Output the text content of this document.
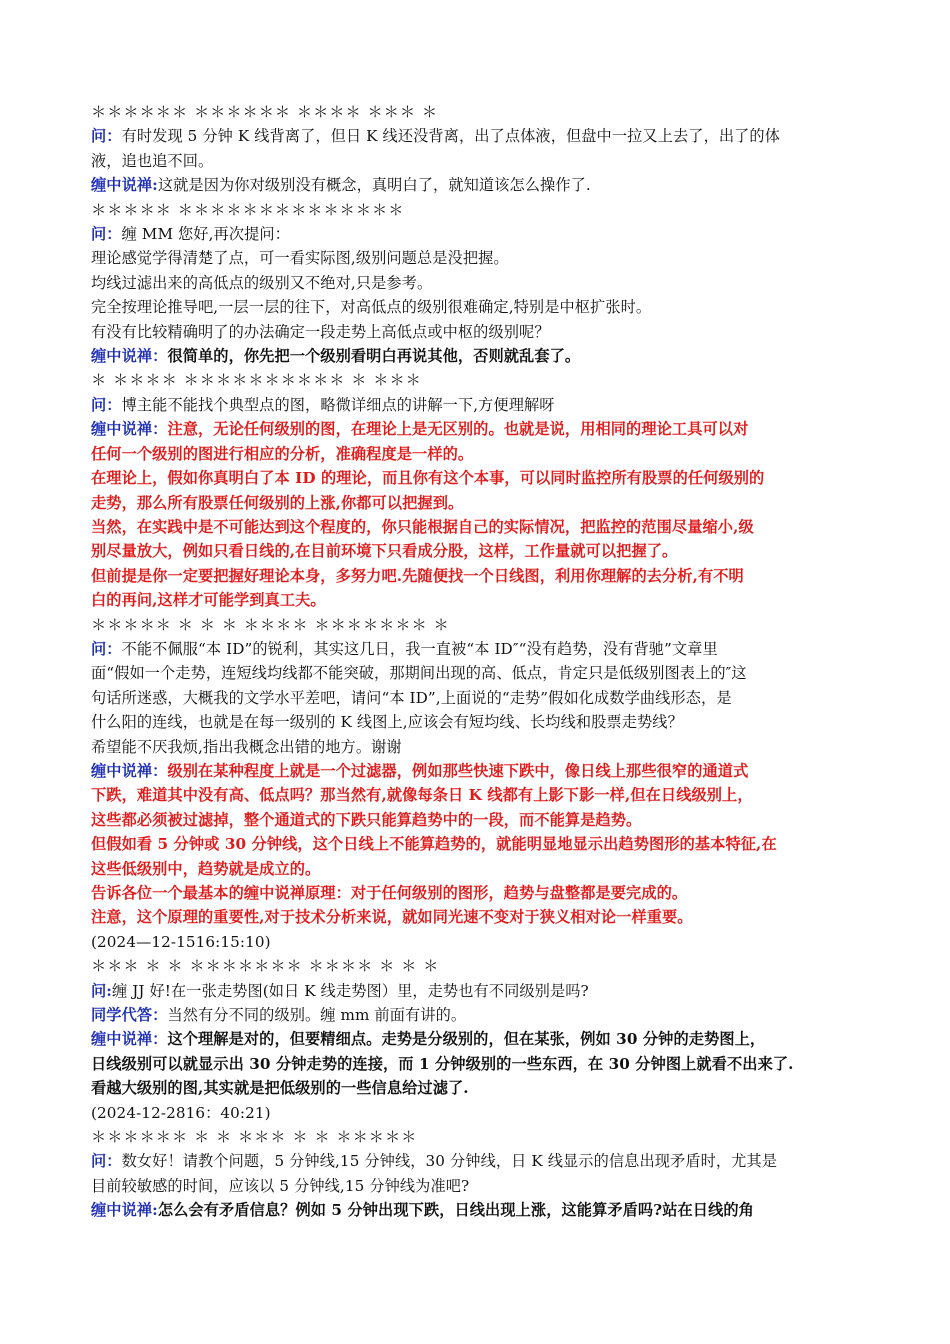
＊＊＊＊＊＊ ＊＊＊＊＊＊ ＊＊＊＊ ＊＊＊ ＊
问：有时发现 5 分钟 K 线背离了，但日 K 线还没背离，出了点体液，但盘中一拉又上去了，出了的体
液，追也追不回。
缠中说禅:这就是因为你对级别没有概念，真明白了，就知道该怎么操作了.
＊＊＊＊＊ ＊＊＊＊＊＊＊＊＊＊＊＊＊＊
问：缠 MM 您好,再次提问：
理论感觉学得清楚了点，可一看实际图,级别问题总是没把握。
均线过滤出来的高低点的级别又不绝对,只是参考。
完全按理论推导吧,一层一层的往下，对高低点的级别很难确定,特别是中枢扩张时。
有没有比较精确明了的办法确定一段走势上高低点或中枢的级别呢？
缠中说禅：很简单的，你先把一个级别看明白再说其他，否则就乱套了。
＊ ＊＊＊＊ ＊＊＊＊＊＊＊＊＊＊ ＊ ＊＊＊
问：博主能不能找个典型点的图，略微详细点的讲解一下,方便理解呀
缠中说禅：注意，无论任何级别的图，在理论上是无区别的。也就是说，用相同的理论工具可以对
任何一个级别的图进行相应的分析，准确程度是一样的。
在理论上，假如你真明白了本 ID 的理论，而且你有这个本事，可以同时监控所有股票的任何级别的
走势，那么所有股票任何级别的上涨,你都可以把握到。
当然，在实践中是不可能达到这个程度的，你只能根据自己的实际情况，把监控的范围尽量缩小,级
别尽量放大，例如只看日线的,在目前环境下只看成分股，这样，工作量就可以把握了。
但前提是你一定要把握好理论本身，多努力吧.先随便找一个日线图，利用你理解的去分析,有不明
白的再问,这样才可能学到真工夫。
＊＊＊＊＊ ＊ ＊ ＊ ＊＊＊＊ ＊＊＊＊＊＊＊ ＊
问：不能不佩服“本 ID”的锐利，其实这几日，我一直被“本 ID″“没有趋势，没有背驰”文章里
面“假如一个走势，连短线均线都不能突破，那期间出现的高、低点，肯定只是低级别图表上的″这
句话所迷惑，大概我的文学水平差吧，请问“本 ID”,上面说的“走势”假如化成数学曲线形态，是
什么阳的连线，也就是在每一级别的 K 线图上,应该会有短均线、长均线和股票走势线？
希望能不厌我烦,指出我概念出错的地方。谢谢
缠中说禅：级别在某种程度上就是一个过滤器，例如那些快速下跌中，像日线上那些很窄的通道式
下跌，难道其中没有高、低点吗？那当然有,就像每条日 K 线都有上影下影一样,但在日线级别上，
这些都必须被过滤掉，整个通道式的下跌只能算趋势中的一段，而不能算是趋势。
但假如看 5 分钟或 30 分钟线，这个日线上不能算趋势的，就能明显地显示出趋势图形的基本特征,在
这些低级别中，趋势就是成立的。
告诉各位一个最基本的缠中说禅原理：对于任何级别的图形，趋势与盘整都是要完成的。
注意，这个原理的重要性,对于技术分析来说，就如同光速不变对于狭义相对论一样重要。
(2024—12-1516:15:10)
＊＊＊ ＊ ＊ ＊＊＊＊＊＊＊ ＊＊＊＊ ＊ ＊ ＊
问:缠 JJ 好!在一张走势图(如日 K 线走势图）里，走势也有不同级别是吗?
同学代答：当然有分不同的级别。缠 mm 前面有讲的。
缠中说禅：这个理解是对的，但要精细点。走势是分级别的，但在某张，例如 30 分钟的走势图上，
日线级别可以就显示出 30 分钟走势的连接，而 1 分钟级别的一些东西，在 30 分钟图上就看不出来了.
看越大级别的图,其实就是把低级别的一些信息给过滤了.
(2024-12-2816：40:21)
＊＊＊＊＊＊ ＊ ＊ ＊＊＊ ＊ ＊ ＊＊＊＊＊
问：数女好！请教个问题，5 分钟线,15 分钟线，30 分钟线，日 K 线显示的信息出现矛盾时，尤其是
目前较敏感的时间，应该以 5 分钟线,15 分钟线为准吧?
缠中说禅:怎么会有矛盾信息？例如 5 分钟出现下跌，日线出现上涨，这能算矛盾吗?站在日线的角
